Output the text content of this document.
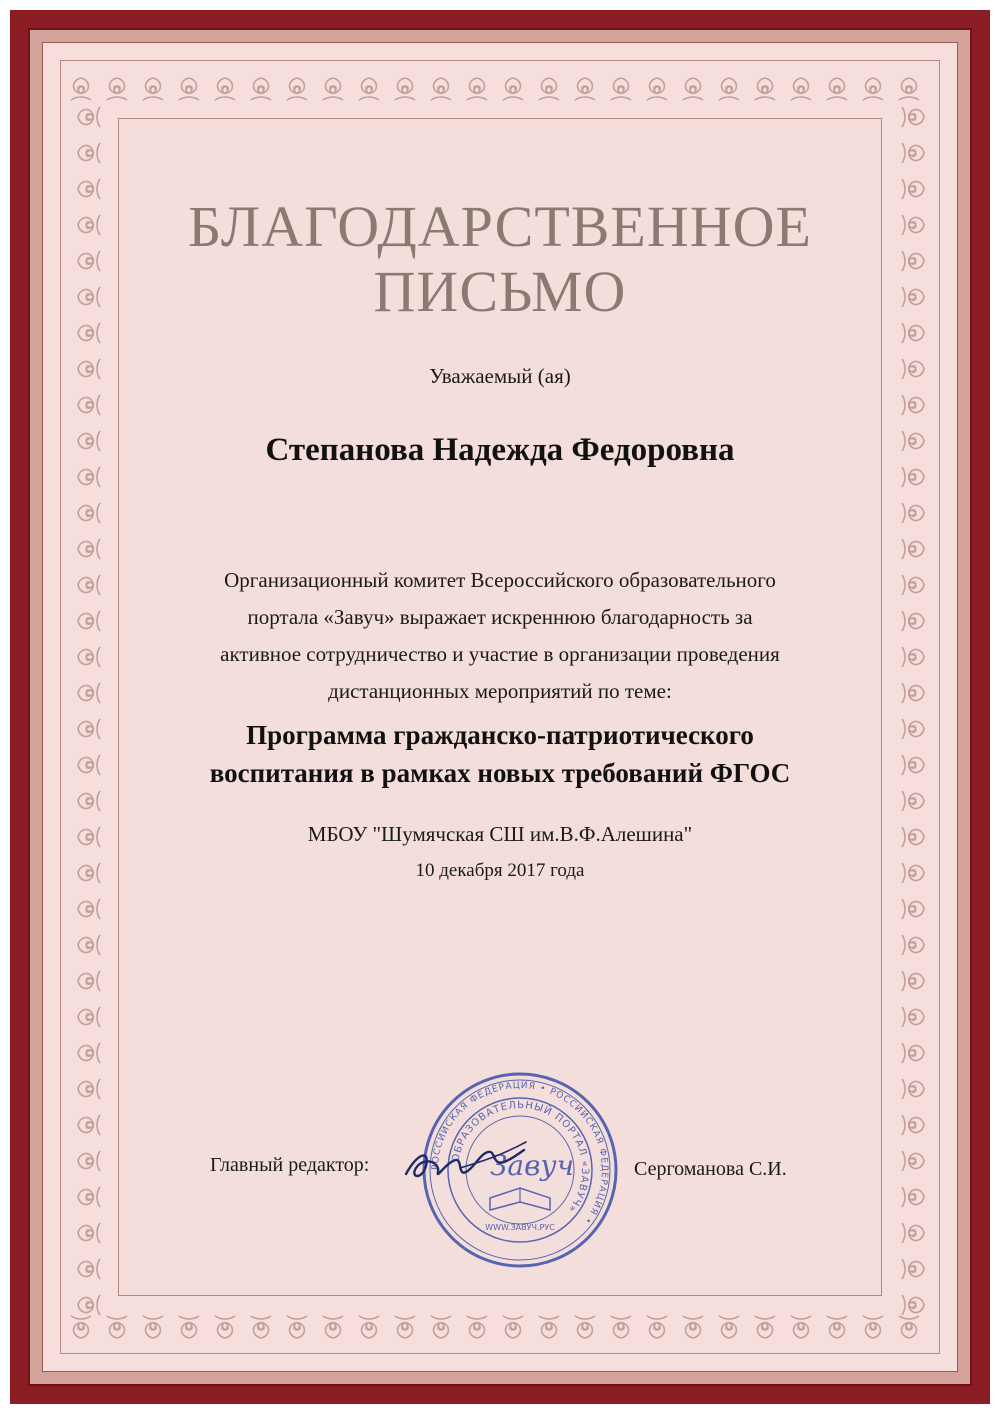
БЛАГОДАРСТВЕННОЕ
ПИСЬМО
Уважаемый (ая)
Степанова Надежда Федоровна
Организационный комитет Всероссийского образовательного
портала «Завуч» выражает искреннюю благодарность за
активное сотрудничество и участие в организации проведения
дистанционных мероприятий по теме:
Программа гражданско-патриотического
воспитания в рамках новых требований ФГОС
МБОУ "Шумячская СШ им.В.Ф.Алешина"
10 декабря 2017 года
Главный редактор:	РОССИЙСКАЯ ФЕДЕРАЦИЯ • РОССИЙСКАЯ ФЕДЕРАЦИЯ •
ОБРАЗОВАТЕЛЬНЫЙ ПОРТАЛ «ЗАВУЧ»
Завуч
WWW.ЗАВУЧ.РУС
Сергоманова С.И.
